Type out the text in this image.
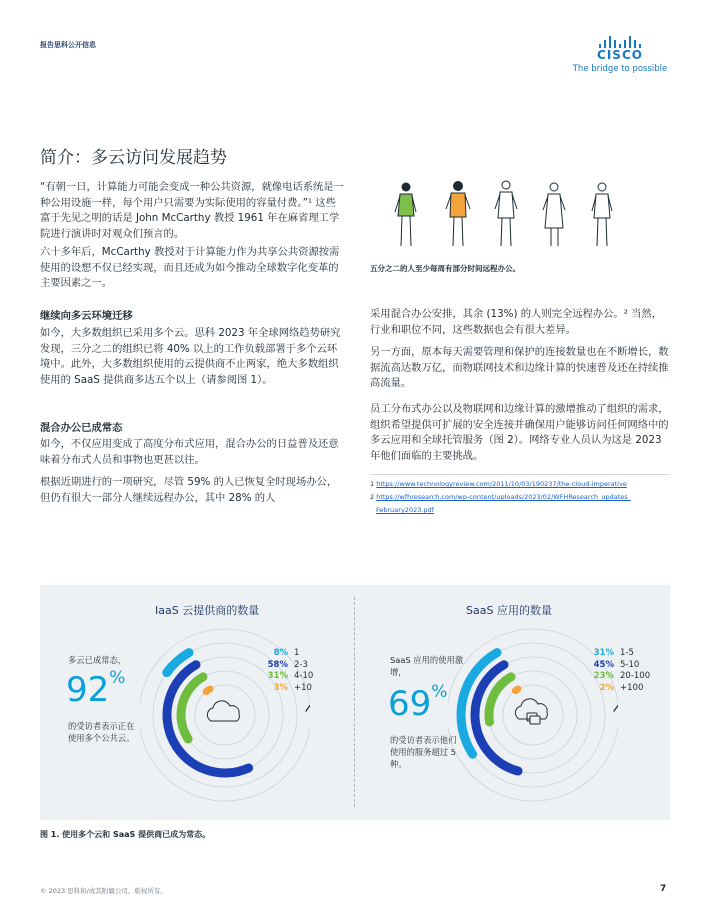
报告思科公开信息
CISCO
The bridge to possible
简介：多云访问发展趋势
“有朝一日，计算能力可能会变成一种公共资源，就像电话系统是一种公用设施一样，每个用户只需要为实际使用的容量付费。”¹ 这些富于先见之明的话是 John McCarthy 教授 1961 年在麻省理工学院进行演讲时对观众们预言的。
六十多年后，McCarthy 教授对于计算能力作为共享公共资源按需使用的设想不仅已经实现，而且还成为如今推动全球数字化变革的主要因素之一。
五分之二的人至少每周有部分时间远程办公。
继续向多云环境迁移
如今，大多数组织已采用多个云。思科 2023 年全球网络趋势研究发现，三分之二的组织已将 40% 以上的工作负载部署于多个云环境中。此外，大多数组织使用的云提供商不止两家，绝大多数组织使用的 SaaS 提供商多达五个以上（请参阅图 1）。
混合办公已成常态
如今，不仅应用变成了高度分布式应用，混合办公的日益普及还意味着分布式人员和事物也更甚以往。
根据近期进行的一项研究，尽管 59% 的人已恢复全时现场办公，但仍有很大一部分人继续远程办公，其中 28% 的人
采用混合办公安排，其余 (13%) 的人则完全远程办公。² 当然，行业和职位不同，这些数据也会有很大差异。
另一方面，原本每天需要管理和保护的连接数量也在不断增长，数据流高达数万亿，而物联网技术和边缘计算的快速普及还在持续推高流量。
员工分布式办公以及物联网和边缘计算的激增推动了组织的需求，组织希望提供可扩展的安全连接并确保用户能够访问任何网络中的多云应用和全球托管服务（图 2）。网络专业人员认为这是 2023 年他们面临的主要挑战。
1 https://www.technologyreview.com/2011/10/03/190237/the-cloud-imperative
2 https://wfhresearch.com/wp-content/uploads/2023/02/WFHResearch_updates_
February2023.pdf
IaaS 云提供商的数量
多云已成常态，
92%
的受访者表示正在使用多个公共云。
8% 1
58% 2-3
31% 4-10
3% +10
SaaS 应用的数量
SaaS 应用的使用激增，
69%
的受访者表示他们使用的服务超过 5 种。
31% 1-5
45% 5-10
23% 20-100
2% +100
图 1. 使用多个云和 SaaS 提供商已成为常态。
© 2023 思科和/或其附属公司。版权所有。	7
